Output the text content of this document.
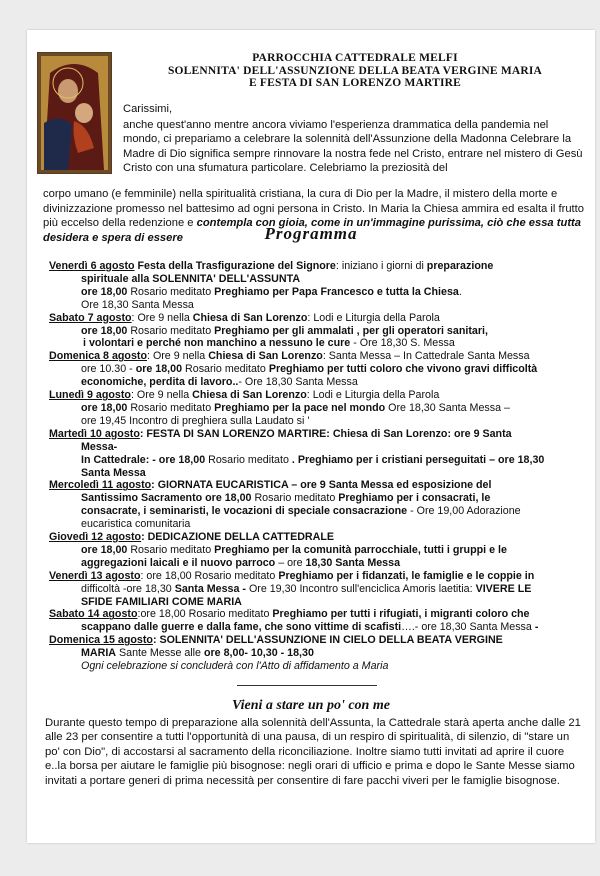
PARROCCHIA CATTEDRALE MELFI
SOLENNITA' DELL'ASSUNZIONE DELLA BEATA VERGINE MARIA
E FESTA DI SAN LORENZO MARTIRE
Carissimi,
anche quest'anno mentre ancora viviamo l'esperienza drammatica della pandemia nel mondo, ci prepariamo a celebrare la solennità dell'Assunzione della Madonna Celebrare la Madre di Dio significa sempre rinnovare la nostra fede nel Cristo, entrare nel mistero di Gesù Cristo con una sfumatura particolare. Celebriamo la preziosità del
corpo umano (e femminile) nella spiritualità cristiana, la cura di Dio per la Madre, il mistero della morte e divinizzazione promesso nel battesimo ad ogni persona in Cristo. In Maria la Chiesa ammira ed esalta il frutto più eccelso della redenzione e contempla con gioia, come in un'immagine purissima, ciò che essa tutta desidera e spera di essere	Programma
Venerdì 6 agosto Festa della Trasfigurazione del Signore: iniziano i giorni di preparazione
spirituale alla SOLENNITA' DELL'ASSUNTA
ore 18,00 Rosario meditato Preghiamo per Papa Francesco e tutta la Chiesa.
Ore 18,30 Santa Messa
Sabato 7 agosto: Ore 9 nella Chiesa di San Lorenzo: Lodi e Liturgia della Parola
ore 18,00 Rosario meditato Preghiamo per gli ammalati , per gli operatori sanitari,
i volontari e perché non manchino a nessuno le cure - Ore 18,30 S. Messa
Domenica 8 agosto: Ore 9 nella Chiesa di San Lorenzo: Santa Messa – In Cattedrale Santa Messa
ore 10.30 - ore 18,00 Rosario meditato Preghiamo per tutti coloro che vivono gravi difficoltà
economiche, perdita di lavoro..- Ore 18,30 Santa Messa
Lunedì 9 agosto: Ore 9 nella Chiesa di San Lorenzo: Lodi e Liturgia della Parola
ore 18,00 Rosario meditato Preghiamo per la pace nel mondo Ore 18,30 Santa Messa –
ore 19,45 Incontro di preghiera sulla Laudato si '
Martedì 10 agosto: FESTA DI SAN LORENZO MARTIRE: Chiesa di San Lorenzo: ore 9 Santa
Messa-
In Cattedrale: - ore 18,00 Rosario meditato . Preghiamo per i cristiani perseguitati – ore 18,30
Santa Messa
Mercoledì 11 agosto: GIORNATA EUCARISTICA – ore 9 Santa Messa ed esposizione del
Santissimo Sacramento ore 18,00 Rosario meditato Preghiamo per i consacrati, le
consacrate, i seminaristi, le vocazioni di speciale consacrazione - Ore 19,00 Adorazione
eucaristica comunitaria
Giovedì 12 agosto: DEDICAZIONE DELLA CATTEDRALE
ore 18,00 Rosario meditato Preghiamo per la comunità parrocchiale, tutti i gruppi e le
aggregazioni laicali e il nuovo parroco – ore 18,30 Santa Messa
Venerdì 13 agosto: ore 18,00 Rosario meditato Preghiamo per i fidanzati, le famiglie e le coppie in
difficoltà -ore 18,30 Santa Messa - Ore 19,30 Incontro sull'enciclica Amoris laetitia: VIVERE LE
SFIDE FAMILIARI COME MARIA
Sabato 14 agosto:ore 18,00 Rosario meditato Preghiamo per tutti i rifugiati, i migranti coloro che
scappano dalle guerre e dalla fame, che sono vittime di scafisti….- ore 18,30 Santa Messa -
Domenica 15 agosto: SOLENNITA' DELL'ASSUNZIONE IN CIELO DELLA BEATA VERGINE
MARIA Sante Messe alle ore 8,00- 10,30 - 18,30
Ogni celebrazione si concluderà con l'Atto di affidamento a Maria
Vieni a stare un po' con me
Durante questo tempo di preparazione alla solennità dell'Assunta, la Cattedrale starà aperta anche dalle 21 alle 23 per consentire a tutti l'opportunità di una pausa, di un respiro di spiritualità, di silenzio, di "stare un po' con Dio", di accostarsi al sacramento della riconciliazione. Inoltre siamo tutti invitati ad aprire il cuore e..la borsa per aiutare le famiglie più bisognose: negli orari di ufficio e prima e dopo le Sante Messe siamo invitati a portare generi di prima necessità per consentire di fare pacchi viveri per le famiglie bisognose.
